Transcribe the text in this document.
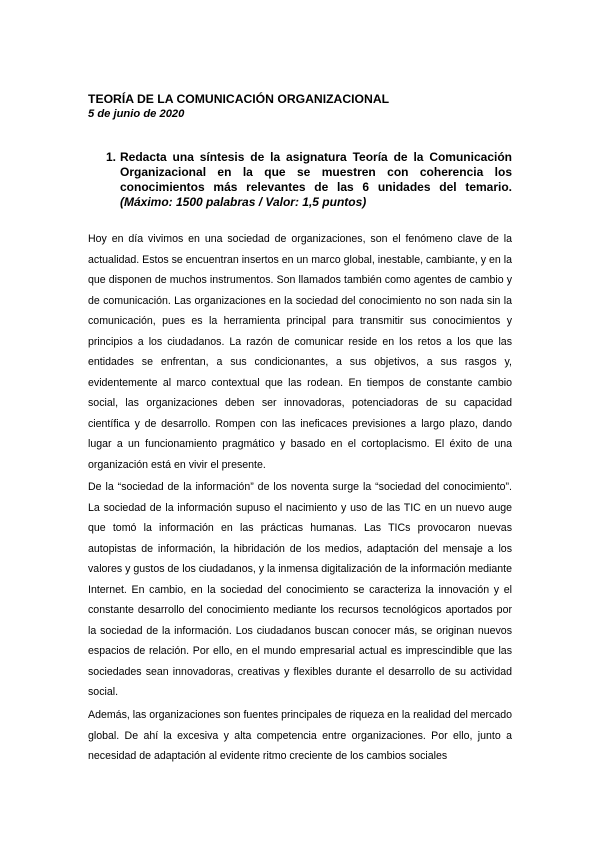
TEORÍA DE LA COMUNICACIÓN ORGANIZACIONAL
5 de junio de 2020
1. Redacta una síntesis de la asignatura Teoría de la Comunicación Organizacional en la que se muestren con coherencia los conocimientos más relevantes de las 6 unidades del temario. (Máximo: 1500 palabras / Valor: 1,5 puntos)

Hoy en día vivimos en una sociedad de organizaciones, son el fenómeno clave de la actualidad. Estos se encuentran insertos en un marco global, inestable, cambiante, y en la que disponen de muchos instrumentos. Son llamados también como agentes de cambio y de comunicación. Las organizaciones en la sociedad del conocimiento no son nada sin la comunicación, pues es la herramienta principal para transmitir sus conocimientos y principios a los ciudadanos. La razón de comunicar reside en los retos a los que las entidades se enfrentan, a sus condicionantes, a sus objetivos, a sus rasgos y, evidentemente al marco contextual que las rodean. En tiempos de constante cambio social, las organizaciones deben ser innovadoras, potenciadoras de su capacidad científica y de desarrollo. Rompen con las ineficaces previsiones a largo plazo, dando lugar a un funcionamiento pragmático y basado en el cortoplacismo. El éxito de una organización está en vivir el presente.

De la “sociedad de la información” de los noventa surge la “sociedad del conocimiento”. La sociedad de la información supuso el nacimiento y uso de las TIC en un nuevo auge que tomó la información en las prácticas humanas. Las TICs provocaron nuevas autopistas de información, la hibridación de los medios, adaptación del mensaje a los valores y gustos de los ciudadanos, y la inmensa digitalización de la información mediante Internet. En cambio, en la sociedad del conocimiento se caracteriza la innovación y el constante desarrollo del conocimiento mediante los recursos tecnológicos aportados por la sociedad de la información. Los ciudadanos buscan conocer más, se originan nuevos espacios de relación. Por ello, en el mundo empresarial actual es imprescindible que las sociedades sean innovadoras, creativas y flexibles durante el desarrollo de su actividad social.

Además, las organizaciones son fuentes principales de riqueza en la realidad del mercado global. De ahí la excesiva y alta competencia entre organizaciones. Por ello, junto a necesidad de adaptación al evidente ritmo creciente de los cambios sociales
